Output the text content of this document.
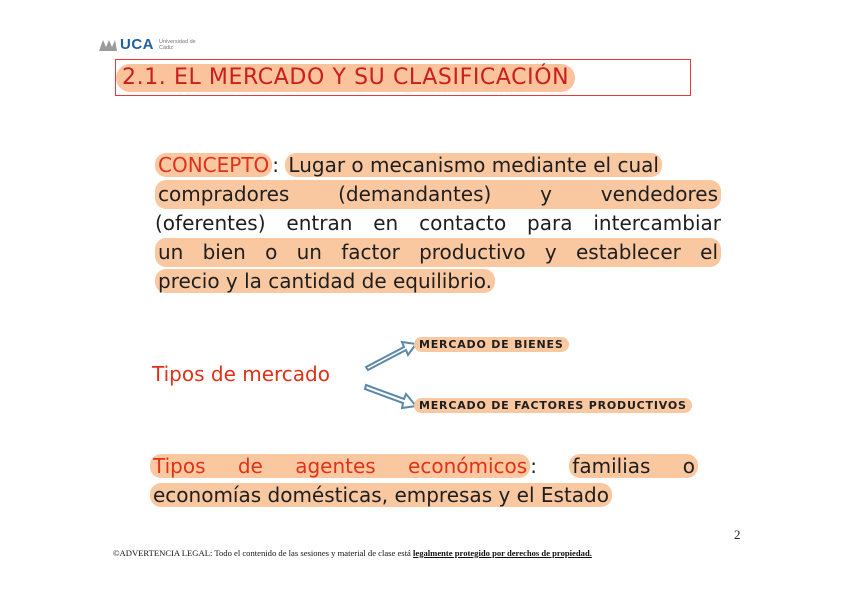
UCA Universidad de Cádiz
2.1. EL MERCADO Y SU CLASIFICACIÓN
CONCEPTO : Lugar o mecanismo mediante el cual
compradores (demandantes) y vendedores
(oferentes) entran en contacto para intercambiar
un bien o un factor productivo y establecer el
precio y la cantidad de equilibrio.
Tipos de mercado
MERCADO DE BIENES
MERCADO DE FACTORES PRODUCTIVOS
Tipos de agentes económicos : familias o
economías domésticas, empresas y el Estado
2
©ADVERTENCIA LEGAL: Todo el contenido de las sesiones y material de clase está legalmente protegido por derechos de propiedad.
